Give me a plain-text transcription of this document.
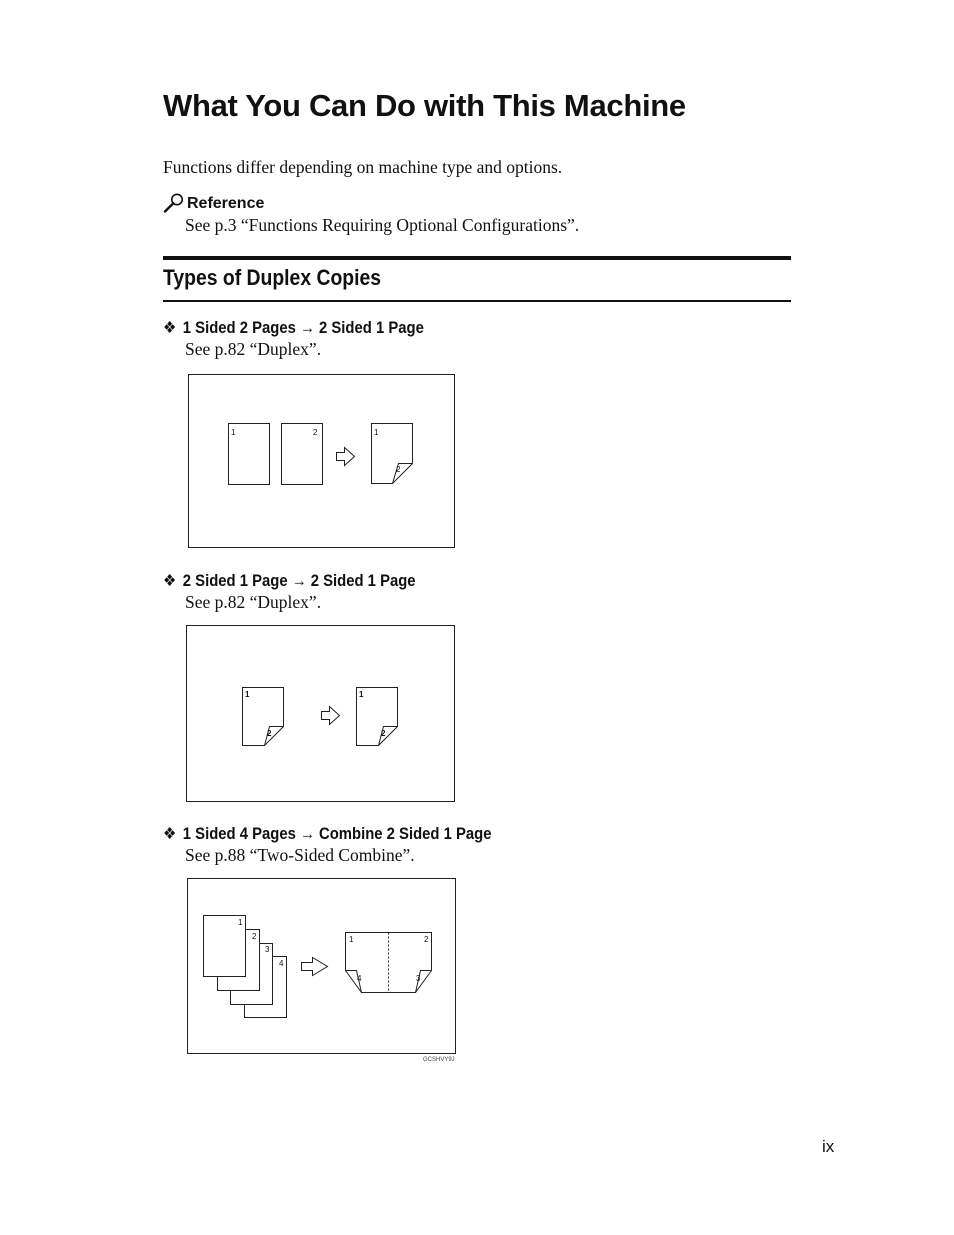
What You Can Do with This Machine
Functions differ depending on machine type and options.
Reference
See p.3 “Functions Requiring Optional Configurations”.
Types of Duplex Copies
❖ 1 Sided 2 Pages → 2 Sided 1 Page
See p.82 “Duplex”.
1	2	1
2
❖ 2 Sided 1 Page → 2 Sided 1 Page
See p.82 “Duplex”.
1
2
1
2
❖ 1 Sided 4 Pages → Combine 2 Sided 1 Page
See p.88 “Two-Sided Combine”.
1
2
3
4
1	2
4	3
GCSHVY9J
ix
